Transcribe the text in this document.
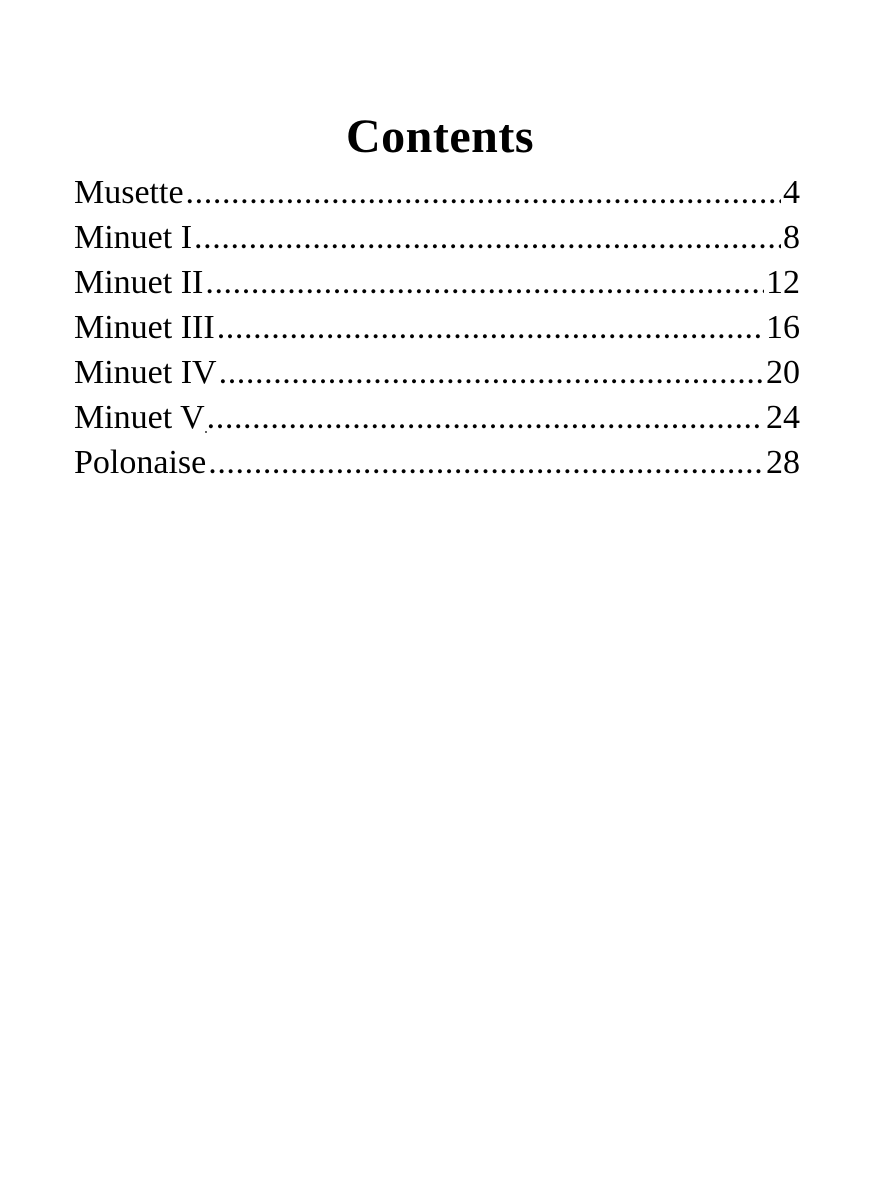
Contents
Musette .....	4
Minuet I .....	8
Minuet II .....	12
Minuet III .....	16
Minuet IV .....	20
Minuet V .....	24
Polonaise .....	28
